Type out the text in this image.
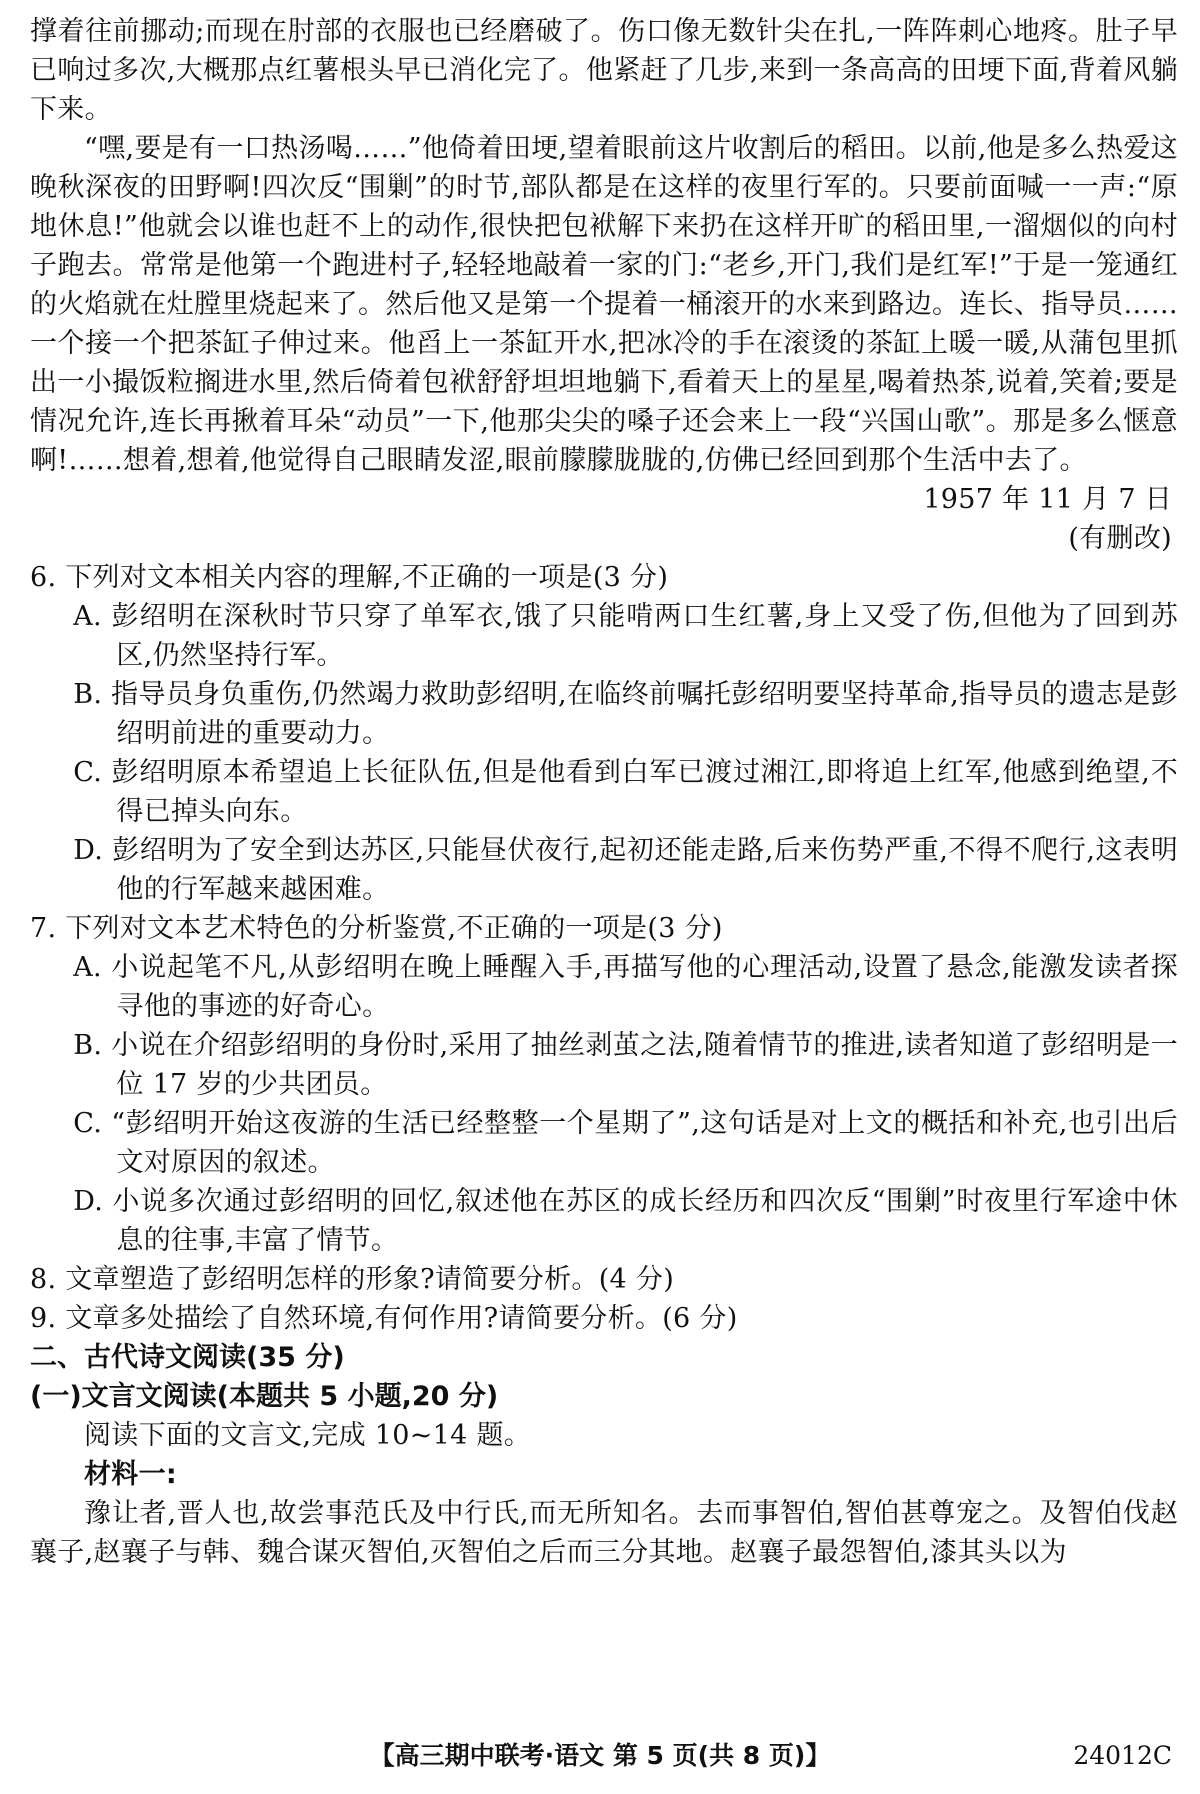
撑着往前挪动;而现在肘部的衣服也已经磨破了。伤口像无数针尖在扎,一阵阵刺心地疼。肚子早已响过多次,大概那点红薯根头早已消化完了。他紧赶了几步,来到一条高高的田埂下面,背着风躺下来。

“嘿,要是有一口热汤喝……”他倚着田埂,望着眼前这片收割后的稻田。以前,他是多么热爱这晚秋深夜的田野啊!四次反“围剿”的时节,部队都是在这样的夜里行军的。只要前面喊一一声:“原地休息!”他就会以谁也赶不上的动作,很快把包袱解下来扔在这样开旷的稻田里,一溜烟似的向村子跑去。常常是他第一个跑进村子,轻轻地敲着一家的门:“老乡,开门,我们是红军!”于是一笼通红的火焰就在灶膛里烧起来了。然后他又是第一个提着一桶滚开的水来到路边。连长、指导员……一个接一个把茶缸子伸过来。他舀上一茶缸开水,把冰冷的手在滚烫的茶缸上暖一暖,从蒲包里抓出一小撮饭粒搁进水里,然后倚着包袱舒舒坦坦地躺下,看着天上的星星,喝着热茶,说着,笑着;要是情况允许,连长再揪着耳朵“动员”一下,他那尖尖的嗓子还会来上一段“兴国山歌”。那是多么惬意啊!……想着,想着,他觉得自己眼睛发涩,眼前朦朦胧胧的,仿佛已经回到那个生活中去了。

1957 年 11 月 7 日

(有删改)

6. 下列对文本相关内容的理解,不正确的一项是(3 分)

A. 彭绍明在深秋时节只穿了单军衣,饿了只能啃两口生红薯,身上又受了伤,但他为了回到苏区,仍然坚持行军。

B. 指导员身负重伤,仍然竭力救助彭绍明,在临终前嘱托彭绍明要坚持革命,指导员的遗志是彭绍明前进的重要动力。

C. 彭绍明原本希望追上长征队伍,但是他看到白军已渡过湘江,即将追上红军,他感到绝望,不得已掉头向东。

D. 彭绍明为了安全到达苏区,只能昼伏夜行,起初还能走路,后来伤势严重,不得不爬行,这表明他的行军越来越困难。

7. 下列对文本艺术特色的分析鉴赏,不正确的一项是(3 分)

A. 小说起笔不凡,从彭绍明在晚上睡醒入手,再描写他的心理活动,设置了悬念,能激发读者探寻他的事迹的好奇心。

B. 小说在介绍彭绍明的身份时,采用了抽丝剥茧之法,随着情节的推进,读者知道了彭绍明是一位 17 岁的少共团员。

C. “彭绍明开始这夜游的生活已经整整一个星期了”,这句话是对上文的概括和补充,也引出后文对原因的叙述。

D. 小说多次通过彭绍明的回忆,叙述他在苏区的成长经历和四次反“围剿”时夜里行军途中休息的往事,丰富了情节。

8. 文章塑造了彭绍明怎样的形象?请简要分析。(4 分)

9. 文章多处描绘了自然环境,有何作用?请简要分析。(6 分)

二、古代诗文阅读(35 分)

(一)文言文阅读(本题共 5 小题,20 分)

阅读下面的文言文,完成 10~14 题。

材料一:

豫让者,晋人也,故尝事范氏及中行氏,而无所知名。去而事智伯,智伯甚尊宠之。及智伯伐赵襄子,赵襄子与韩、魏合谋灭智伯,灭智伯之后而三分其地。赵襄子最怨智伯,漆其头以为

【高三期中联考·语文 第 5 页(共 8 页)】	24012C
